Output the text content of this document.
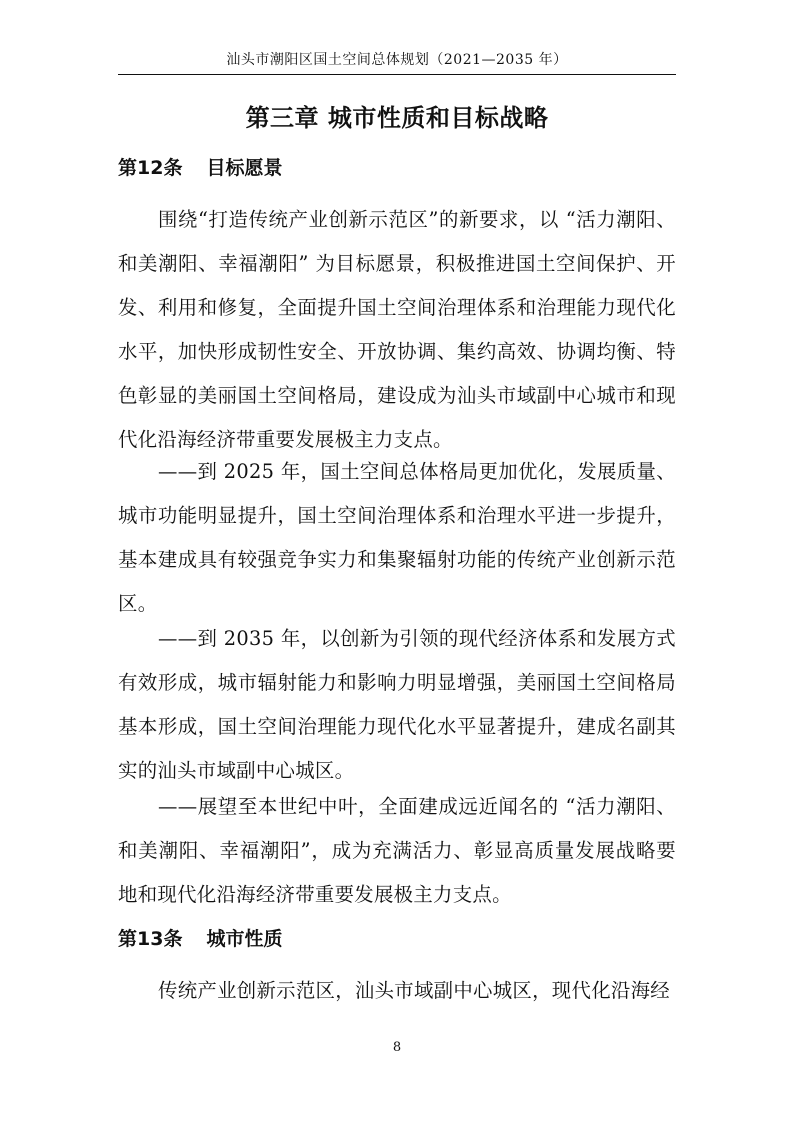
汕头市潮阳区国土空间总体规划（2021—2035 年）
第三章 城市性质和目标战略
第12条 目标愿景

围绕“打造传统产业创新示范区”的新要求，以 “活力潮阳、和美潮阳、幸福潮阳” 为目标愿景，积极推进国土空间保护、开发、利用和修复，全面提升国土空间治理体系和治理能力现代化水平，加快形成韧性安全、开放协调、集约高效、协调均衡、特色彰显的美丽国土空间格局，建设成为汕头市域副中心城市和现代化沿海经济带重要发展极主力支点。

——到 2025 年，国土空间总体格局更加优化，发展质量、城市功能明显提升，国土空间治理体系和治理水平进一步提升，基本建成具有较强竞争实力和集聚辐射功能的传统产业创新示范区。

——到 2035 年，以创新为引领的现代经济体系和发展方式有效形成，城市辐射能力和影响力明显增强，美丽国土空间格局基本形成，国土空间治理能力现代化水平显著提升，建成名副其实的汕头市域副中心城区。

——展望至本世纪中叶，全面建成远近闻名的 “活力潮阳、和美潮阳、幸福潮阳”，成为充满活力、彰显高质量发展战略要地和现代化沿海经济带重要发展极主力支点。

第13条 城市性质

传统产业创新示范区，汕头市域副中心城区，现代化沿海经

8
